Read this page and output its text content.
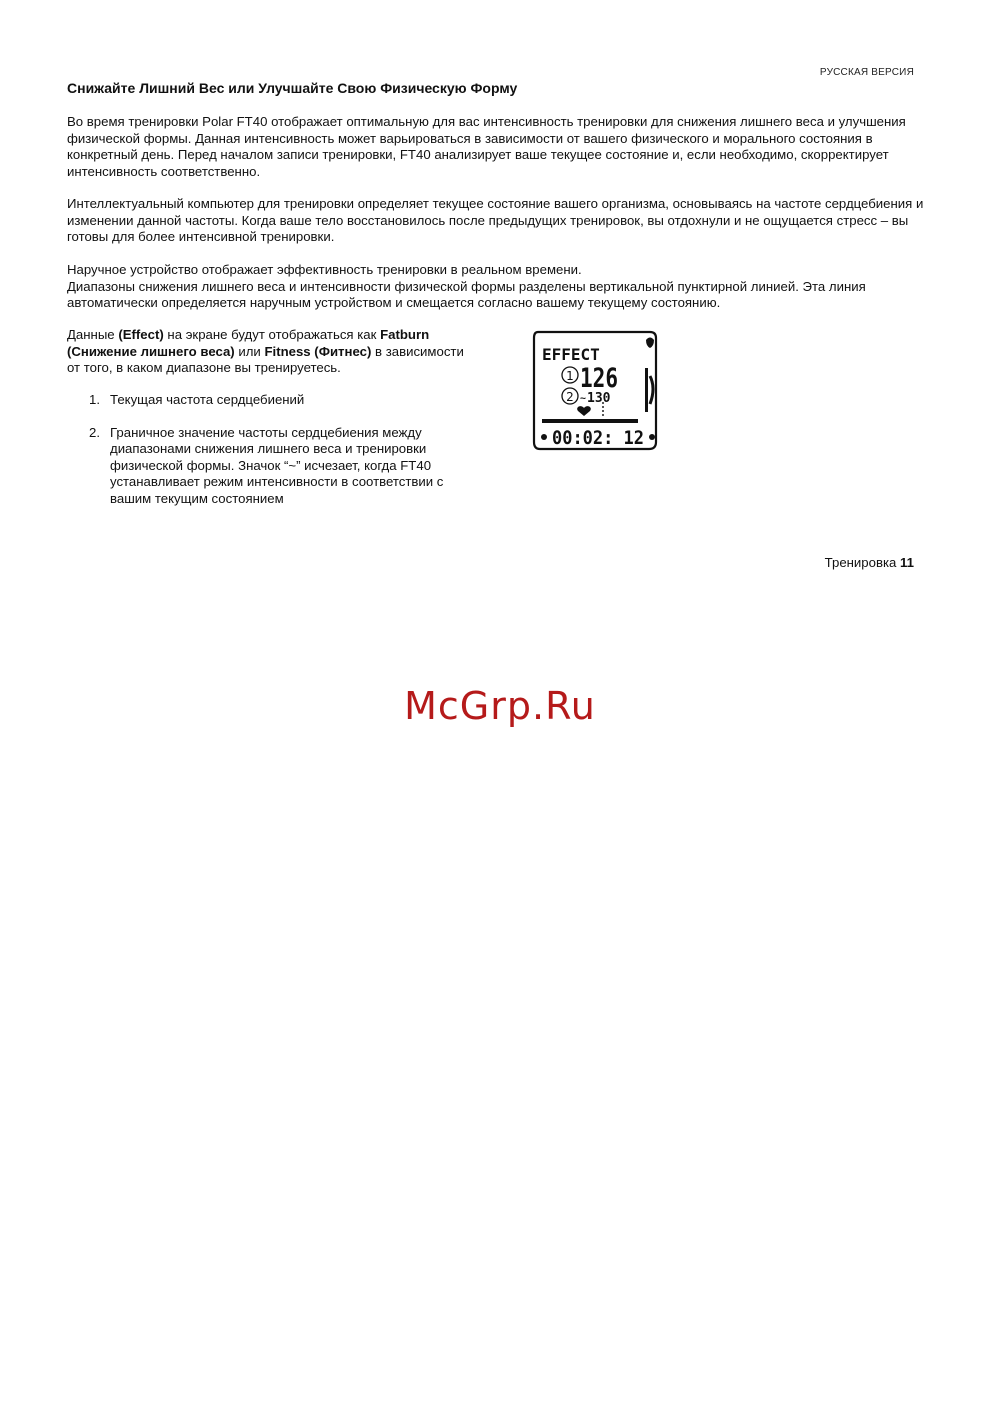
РУССКАЯ ВЕРСИЯ
Снижайте Лишний Вес или Улучшайте Свою Физическую Форму

Во время тренировки Polar FT40 отображает оптимальную для вас интенсивность тренировки для снижения лишнего веса и улучшения физической формы. Данная интенсивность может варьироваться в зависимости от вашего физического и морального состояния в конкретный день. Перед началом записи тренировки, FT40 анализирует ваше текущее состояние и, если необходимо, скорректирует интенсивность соответственно.

Интеллектуальный компьютер для тренировки определяет текущее состояние вашего организма, основываясь на частоте сердцебиения и изменении данной частоты. Когда ваше тело восстановилось после предыдущих тренировок, вы отдохнули и не ощущается стресс – вы готовы для более интенсивной тренировки.

Наручное устройство отображает эффективность тренировки в реальном времени.
Диапазоны снижения лишнего веса и интенсивности физической формы разделены вертикальной пунктирной линией. Эта линия автоматически определяется наручным устройством и смещается согласно вашему текущему состоянию.

Данные (Effect) на экране будут отображаться как Fatburn (Снижение лишнего веса) или Fitness (Фитнес) в зависимости от того, в каком диапазоне вы тренируетесь.

1. Текущая частота сердцебиений
2. Граничное значение частоты сердцебиения между диапазонами снижения лишнего веса и тренировки физической формы. Значок “~” исчезает, когда FT40 устанавливает режим интенсивности в соответствии с вашим текущим состоянием
EFFECT
1
2
126
~ 130
00:02: 12
Тренировка 11
McGrp.Ru
